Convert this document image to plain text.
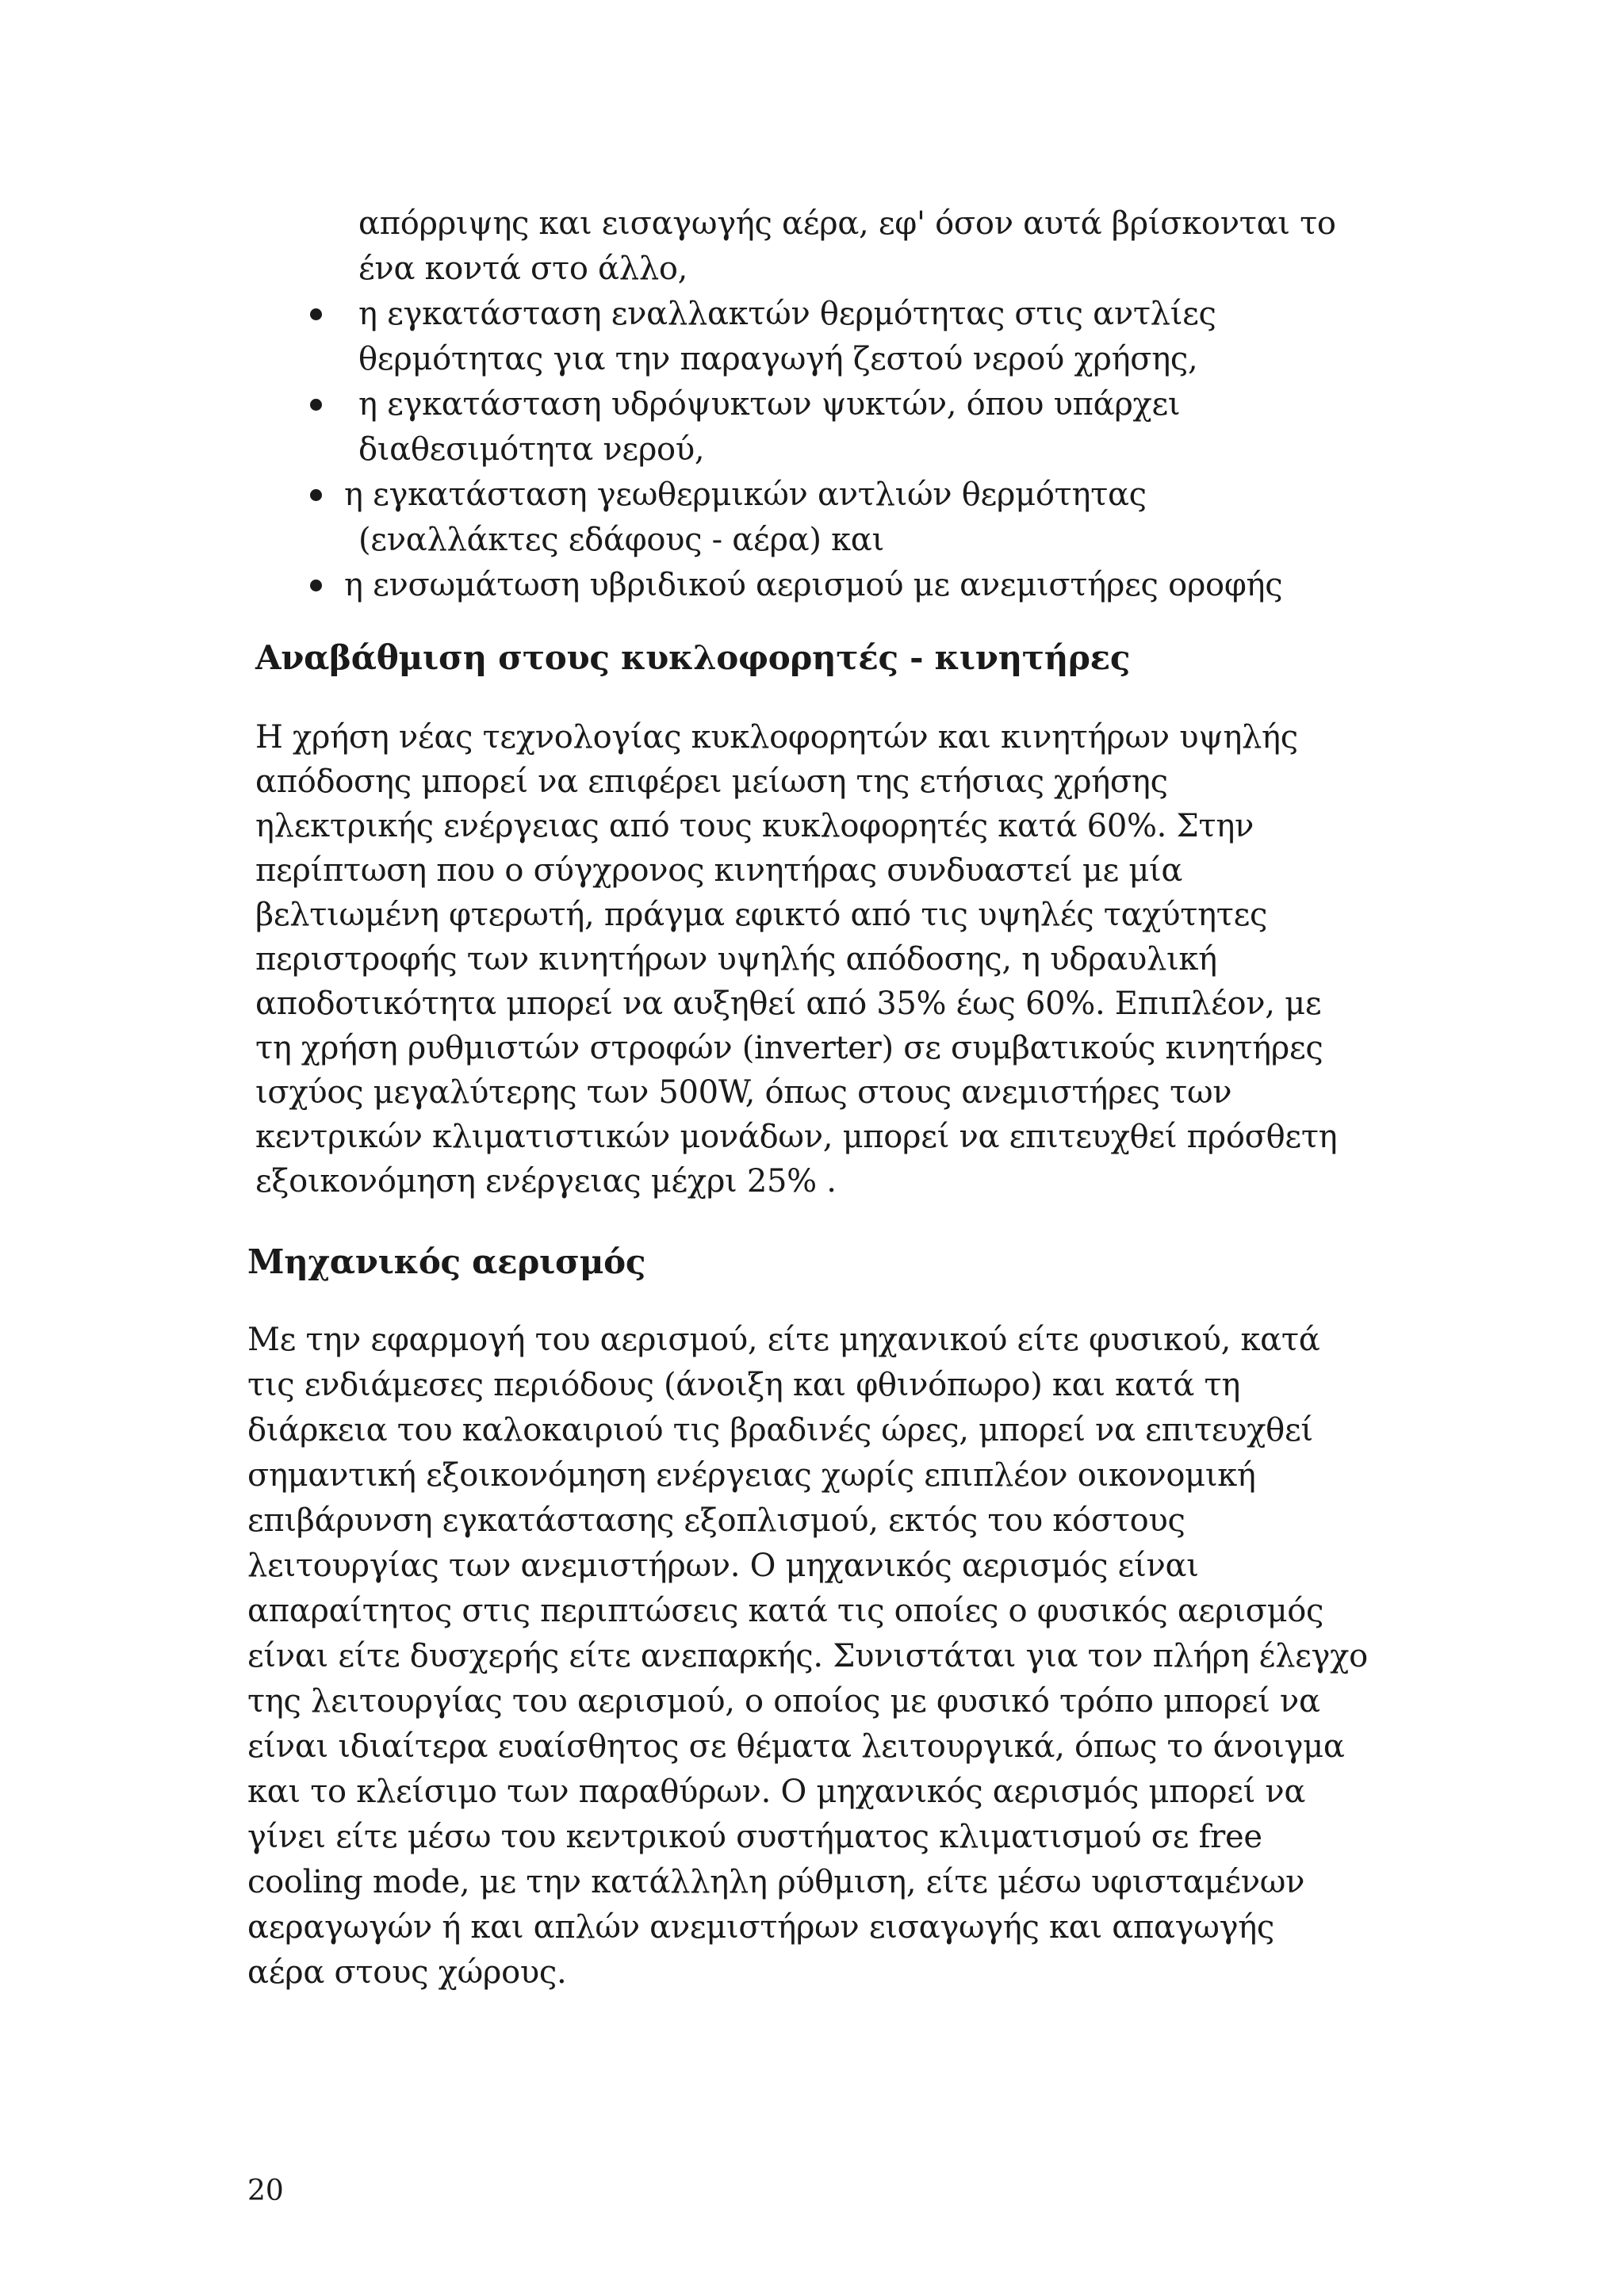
απόρριψης και εισαγωγής αέρα, εφ' όσον αυτά βρίσκονται το
ένα κοντά στο άλλο,
η εγκατάσταση εναλλακτών θερμότητας στις αντλίες
θερμότητας για την παραγωγή ζεστού νερού χρήσης,
η εγκατάσταση υδρόψυκτων ψυκτών, όπου υπάρχει
διαθεσιμότητα νερού,
η εγκατάσταση γεωθερμικών αντλιών θερμότητας
(εναλλάκτες εδάφους - αέρα) και
η ενσωμάτωση υβριδικού αερισμού με ανεμιστήρες οροφής
Αναβάθμιση στους κυκλοφορητές - κινητήρες
Η χρήση νέας τεχνολογίας κυκλοφορητών και κινητήρων υψηλής
απόδοσης μπορεί να επιφέρει μείωση της ετήσιας χρήσης
ηλεκτρικής ενέργειας από τους κυκλοφορητές κατά 60%. Στην
περίπτωση που ο σύγχρονος κινητήρας συνδυαστεί με μία
βελτιωμένη φτερωτή, πράγμα εφικτό από τις υψηλές ταχύτητες
περιστροφής των κινητήρων υψηλής απόδοσης, η υδραυλική
αποδοτικότητα μπορεί να αυξηθεί από 35% έως 60%. Επιπλέον, με
τη χρήση ρυθμιστών στροφών (inverter) σε συμβατικούς κινητήρες
ισχύος μεγαλύτερης των 500W, όπως στους ανεμιστήρες των
κεντρικών κλιματιστικών μονάδων, μπορεί να επιτευχθεί πρόσθετη
εξοικονόμηση ενέργειας μέχρι 25% .
Μηχανικός αερισμός
Με την εφαρμογή του αερισμού, είτε μηχανικού είτε φυσικού, κατά
τις ενδιάμεσες περιόδους (άνοιξη και φθινόπωρο) και κατά τη
διάρκεια του καλοκαιριού τις βραδινές ώρες, μπορεί να επιτευχθεί
σημαντική εξοικονόμηση ενέργειας χωρίς επιπλέον οικονομική
επιβάρυνση εγκατάστασης εξοπλισμού, εκτός του κόστους
λειτουργίας των ανεμιστήρων. Ο μηχανικός αερισμός είναι
απαραίτητος στις περιπτώσεις κατά τις οποίες ο φυσικός αερισμός
είναι είτε δυσχερής είτε ανεπαρκής. Συνιστάται για τον πλήρη έλεγχο
της λειτουργίας του αερισμού, ο οποίος με φυσικό τρόπο μπορεί να
είναι ιδιαίτερα ευαίσθητος σε θέματα λειτουργικά, όπως το άνοιγμα
και το κλείσιμο των παραθύρων. Ο μηχανικός αερισμός μπορεί να
γίνει είτε μέσω του κεντρικού συστήματος κλιματισμού σε free
cooling mode, με την κατάλληλη ρύθμιση, είτε μέσω υφισταμένων
αεραγωγών ή και απλών ανεμιστήρων εισαγωγής και απαγωγής
αέρα στους χώρους.
20
